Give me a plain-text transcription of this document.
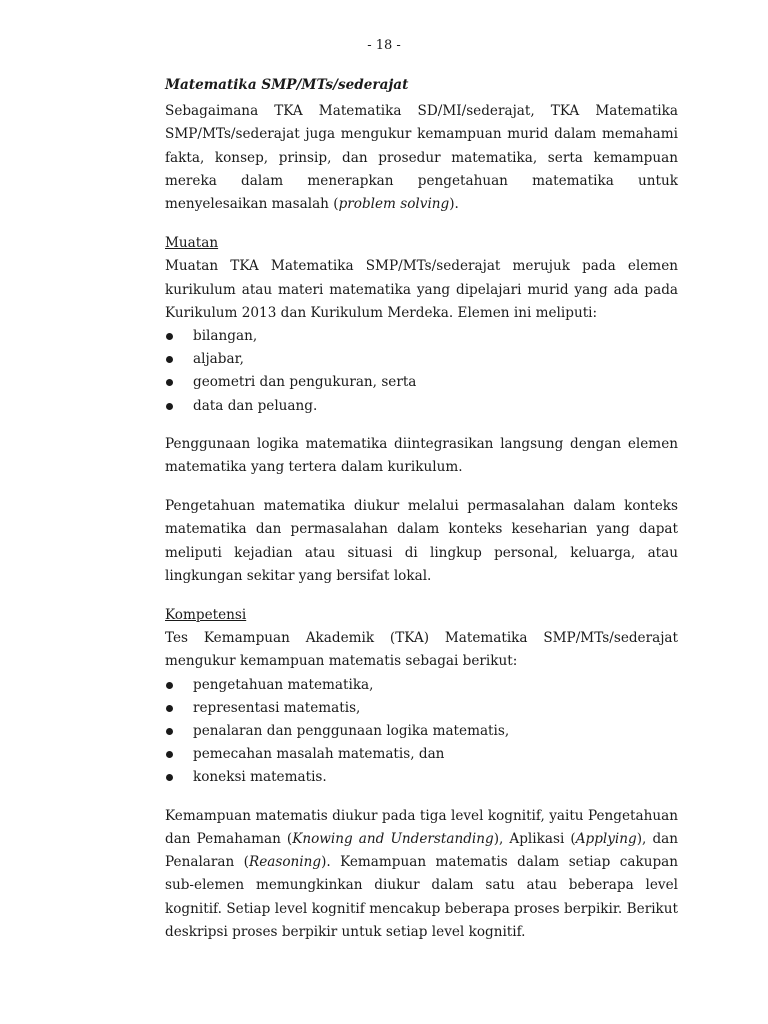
- 18 -

Matematika SMP/MTs/sederajat

Sebagaimana TKA Matematika SD/MI/sederajat, TKA Matematika SMP/MTs/sederajat juga mengukur kemampuan murid dalam memahami fakta, konsep, prinsip, dan prosedur matematika, serta kemampuan mereka dalam menerapkan pengetahuan matematika untuk menyelesaikan masalah (problem solving).

Muatan

Muatan TKA Matematika SMP/MTs/sederajat merujuk pada elemen kurikulum atau materi matematika yang dipelajari murid yang ada pada Kurikulum 2013 dan Kurikulum Merdeka. Elemen ini meliputi:

bilangan,
aljabar,
geometri dan pengukuran, serta
data dan peluang.

Penggunaan logika matematika diintegrasikan langsung dengan elemen matematika yang tertera dalam kurikulum.

Pengetahuan matematika diukur melalui permasalahan dalam konteks matematika dan permasalahan dalam konteks keseharian yang dapat meliputi kejadian atau situasi di lingkup personal, keluarga, atau lingkungan sekitar yang bersifat lokal.

Kompetensi

Tes Kemampuan Akademik (TKA) Matematika SMP/MTs/sederajat mengukur kemampuan matematis sebagai berikut:

pengetahuan matematika,
representasi matematis,
penalaran dan penggunaan logika matematis,
pemecahan masalah matematis, dan
koneksi matematis.

Kemampuan matematis diukur pada tiga level kognitif, yaitu Pengetahuan dan Pemahaman (Knowing and Understanding), Aplikasi (Applying), dan Penalaran (Reasoning). Kemampuan matematis dalam setiap cakupan sub-elemen memungkinkan diukur dalam satu atau beberapa level kognitif. Setiap level kognitif mencakup beberapa proses berpikir. Berikut deskripsi proses berpikir untuk setiap level kognitif.
